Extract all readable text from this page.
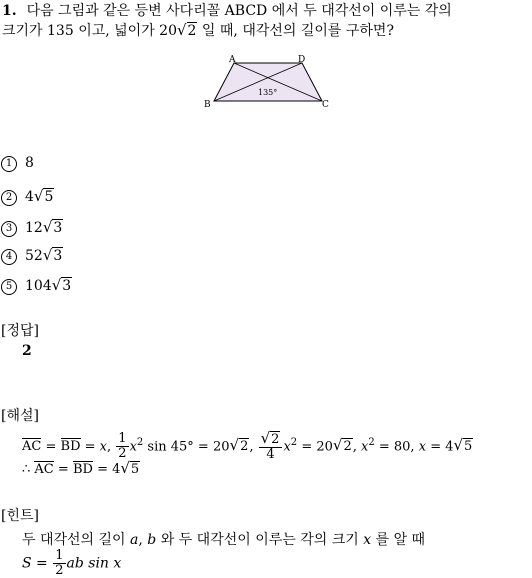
1. 다음 그림과 같은 등변 사다리꼴 ABCD 에서 두 대각선이 이루는 각의
크기가 135 이고, 넓이가 20√2 일 때, 대각선의 길이를 구하면?
A	D
B	C
135°
1 8
2 4√5
3 12√3
4 52√3
5 104√3
[정답]
2
[해설]
AC = BD = x, $\frac{1}{2} x^2$ sin 45° = 20√2, $\frac{√2}{4} x^2 = 20√2$, $x^2 = 80$, x = 4√5
∴ AC = BD = 4√5
[힌트]
두 대각선의 길이 a, b 와 두 대각선이 이루는 각의 크기 x 를 알 때
$S = \frac{1}{2}$ ab sin x
